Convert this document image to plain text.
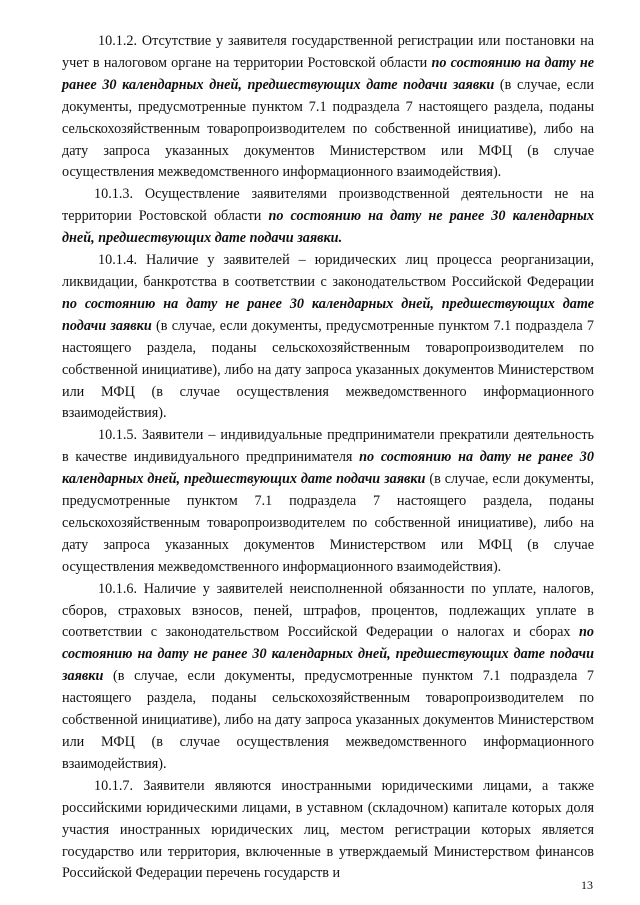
10.1.2. Отсутствие у заявителя государственной регистрации или постановки на учет в налоговом органе на территории Ростовской области по состоянию на дату не ранее 30 календарных дней, предшествующих дате подачи заявки (в случае, если документы, предусмотренные пунктом 7.1 подраздела 7 настоящего раздела, поданы сельскохозяйственным товаропроизводителем по собственной инициативе), либо на дату запроса указанных документов Министерством или МФЦ (в случае осуществления межведомственного информационного взаимодействия).

10.1.3. Осуществление заявителями производственной деятельности не на территории Ростовской области по состоянию на дату не ранее 30 календарных дней, предшествующих дате подачи заявки.

10.1.4. Наличие у заявителей – юридических лиц процесса реорганизации, ликвидации, банкротства в соответствии с законодательством Российской Федерации по состоянию на дату не ранее 30 календарных дней, предшествующих дате подачи заявки (в случае, если документы, предусмотренные пунктом 7.1 подраздела 7 настоящего раздела, поданы сельскохозяйственным товаропроизводителем по собственной инициативе), либо на дату запроса указанных документов Министерством или МФЦ (в случае осуществления межведомственного информационного взаимодействия).

10.1.5. Заявители – индивидуальные предприниматели прекратили деятельность в качестве индивидуального предпринимателя по состоянию на дату не ранее 30 календарных дней, предшествующих дате подачи заявки (в случае, если документы, предусмотренные пунктом 7.1 подраздела 7 настоящего раздела, поданы сельскохозяйственным товаропроизводителем по собственной инициативе), либо на дату запроса указанных документов Министерством или МФЦ (в случае осуществления межведомственного информационного взаимодействия).

10.1.6. Наличие у заявителей неисполненной обязанности по уплате, налогов, сборов, страховых взносов, пеней, штрафов, процентов, подлежащих уплате в соответствии с законодательством Российской Федерации о налогах и сборах по состоянию на дату не ранее 30 календарных дней, предшествующих дате подачи заявки (в случае, если документы, предусмотренные пунктом 7.1 подраздела 7 настоящего раздела, поданы сельскохозяйственным товаропроизводителем по собственной инициативе), либо на дату запроса указанных документов Министерством или МФЦ (в случае осуществления межведомственного информационного взаимодействия).

10.1.7. Заявители являются иностранными юридическими лицами, а также российскими юридическими лицами, в уставном (складочном) капитале которых доля участия иностранных юридических лиц, местом регистрации которых является государство или территория, включенные в утверждаемый Министерством финансов Российской Федерации перечень государств и

13
